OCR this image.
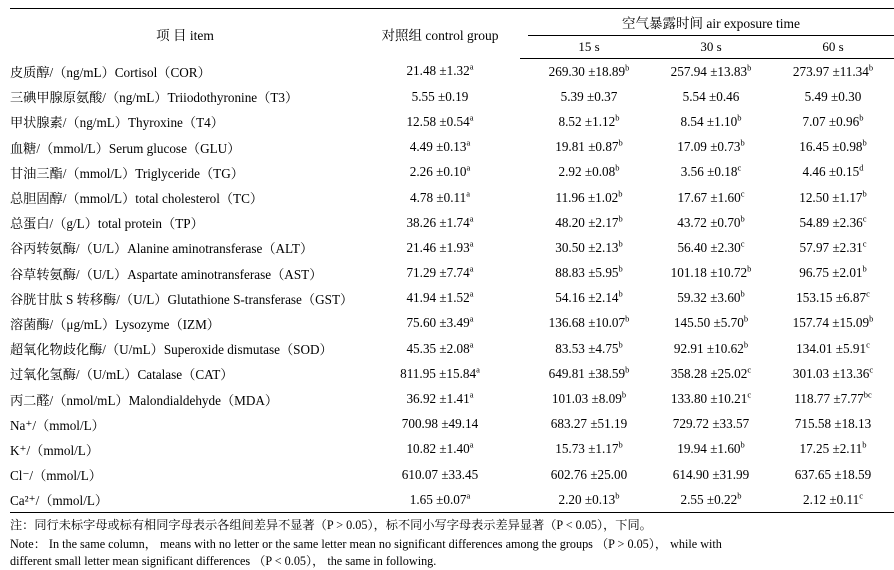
项 目 item	对照组 control group		空气暴露时间 air exposure time		
			15 s	30 s	60 s
皮质醇/（ng/mL）Cortisol（COR）	21.48 ±1.32$^a$		269.30 ±18.89$^b$	257.94 ±13.83$^b$	273.97 ±11.34$^b$
三碘甲腺原氨酸/（ng/mL）Triiodothyronine（T3）	5.55 ±0.19		5.39 ±0.37	5.54 ±0.46	5.49 ±0.30
甲状腺素/（ng/mL）Thyroxine（T4）	12.58 ±0.54$^a$		8.52 ±1.12$^b$	8.54 ±1.10$^b$	7.07 ±0.96$^b$
血糖/（mmol/L）Serum glucose（GLU）	4.49 ±0.13$^a$		19.81 ±0.87$^b$	17.09 ±0.73$^b$	16.45 ±0.98$^b$
甘油三酯/（mmol/L）Triglyceride（TG）	2.26 ±0.10$^a$		2.92 ±0.08$^b$	3.56 ±0.18$^c$	4.46 ±0.15$^d$
总胆固醇/（mmol/L）total cholesterol（TC）	4.78 ±0.11$^a$		11.96 ±1.02$^b$	17.67 ±1.60$^c$	12.50 ±1.17$^b$
总蛋白/（g/L）total protein（TP）	38.26 ±1.74$^a$		48.20 ±2.17$^b$	43.72 ±0.70$^b$	54.89 ±2.36$^c$
谷丙转氨酶/（U/L）Alanine aminotransferase（ALT）	21.46 ±1.93$^a$		30.50 ±2.13$^b$	56.40 ±2.30$^c$	57.97 ±2.31$^c$
谷草转氨酶/（U/L）Aspartate aminotransferase（AST）	71.29 ±7.74$^a$		88.83 ±5.95$^b$	101.18 ±10.72$^b$	96.75 ±2.01$^b$
谷胱甘肽 S 转移酶/（U/L）Glutathione S-transferase（GST）	41.94 ±1.52$^a$		54.16 ±2.14$^b$	59.32 ±3.60$^b$	153.15 ±6.87$^c$
溶菌酶/（μg/mL）Lysozyme（IZM）	75.60 ±3.49$^a$		136.68 ±10.07$^b$	145.50 ±5.70$^b$	157.74 ±15.09$^b$
超氧化物歧化酶/（U/mL）Superoxide dismutase（SOD）	45.35 ±2.08$^a$		83.53 ±4.75$^b$	92.91 ±10.62$^b$	134.01 ±5.91$^c$
过氧化氢酶/（U/mL）Catalase（CAT）	811.95 ±15.84$^a$		649.81 ±38.59$^b$	358.28 ±25.02$^c$	301.03 ±13.36$^c$
丙二醛/（nmol/mL）Malondialdehyde（MDA）	36.92 ±1.41$^a$		101.03 ±8.09$^b$	133.80 ±10.21$^c$	118.77 ±7.77$^{bc}$
Na⁺/（mmol/L）	700.98 ±49.14		683.27 ±51.19	729.72 ±33.57	715.58 ±18.13
K⁺/（mmol/L）	10.82 ±1.40$^a$		15.73 ±1.17$^b$	19.94 ±1.60$^b$	17.25 ±2.11$^b$
Cl⁻/（mmol/L）	610.07 ±33.45		602.76 ±25.00	614.90 ±31.99	637.65 ±18.59
Ca²⁺/（mmol/L）	1.65 ±0.07$^a$		2.20 ±0.13$^b$	2.55 ±0.22$^b$	2.12 ±0.11$^c$
注：同行未标字母或标有相同字母表示各组间差异不显著（P > 0.05），标不同小写字母表示差异显著（P < 0.05），下同。
Note： In the same column， means with no letter or the same letter mean no significant differences among the groups （P > 0.05）， while with
different small letter mean significant differences （P < 0.05）， the same in following.
